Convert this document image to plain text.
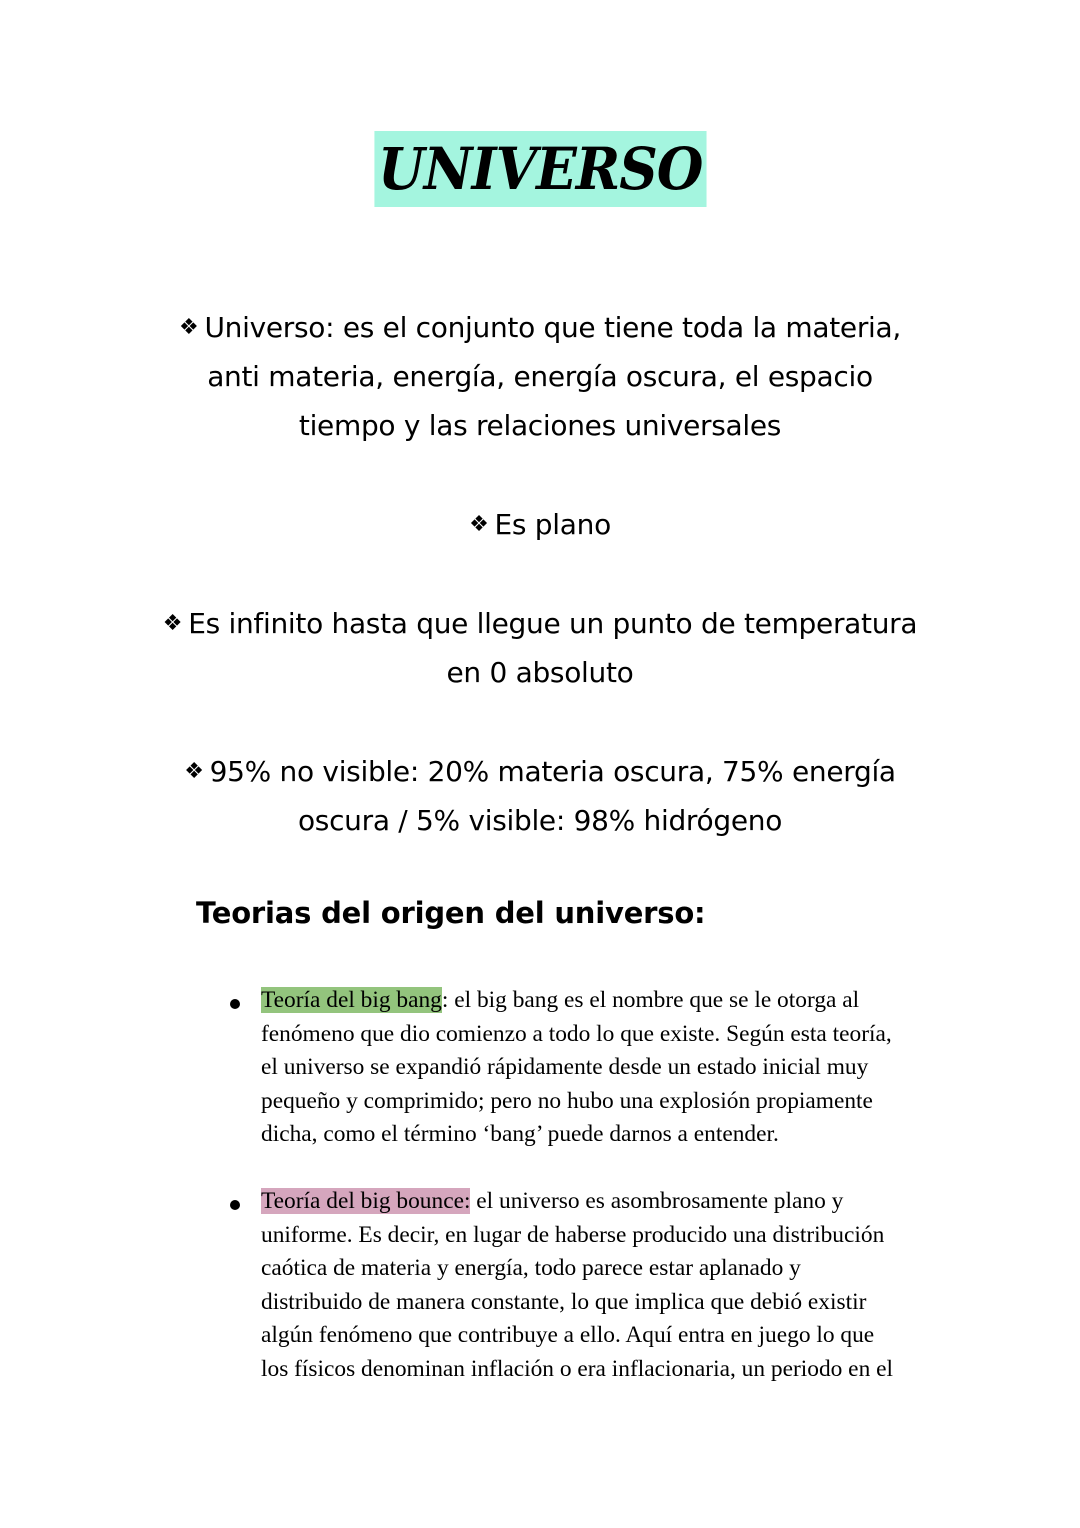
UNIVERSO
❖ Universo: es el conjunto que tiene toda la materia,
anti materia, energía, energía oscura, el espacio
tiempo y las relaciones universales
❖ Es plano
❖ Es infinito hasta que llegue un punto de temperatura
en 0 absoluto
❖ 95% no visible: 20% materia oscura, 75% energía
oscura / 5% visible: 98% hidrógeno
Teorias del origen del universo:
Teoría del big bang: el big bang es el nombre que se le otorga al
fenómeno que dio comienzo a todo lo que existe. Según esta teoría,
el universo se expandió rápidamente desde un estado inicial muy
pequeño y comprimido; pero no hubo una explosión propiamente
dicha, como el término ‘bang’ puede darnos a entender.
Teoría del big bounce: el universo es asombrosamente plano y
uniforme. Es decir, en lugar de haberse producido una distribución
caótica de materia y energía, todo parece estar aplanado y
distribuido de manera constante, lo que implica que debió existir
algún fenómeno que contribuye a ello. Aquí entra en juego lo que
los físicos denominan inflación o era inflacionaria, un periodo en el
